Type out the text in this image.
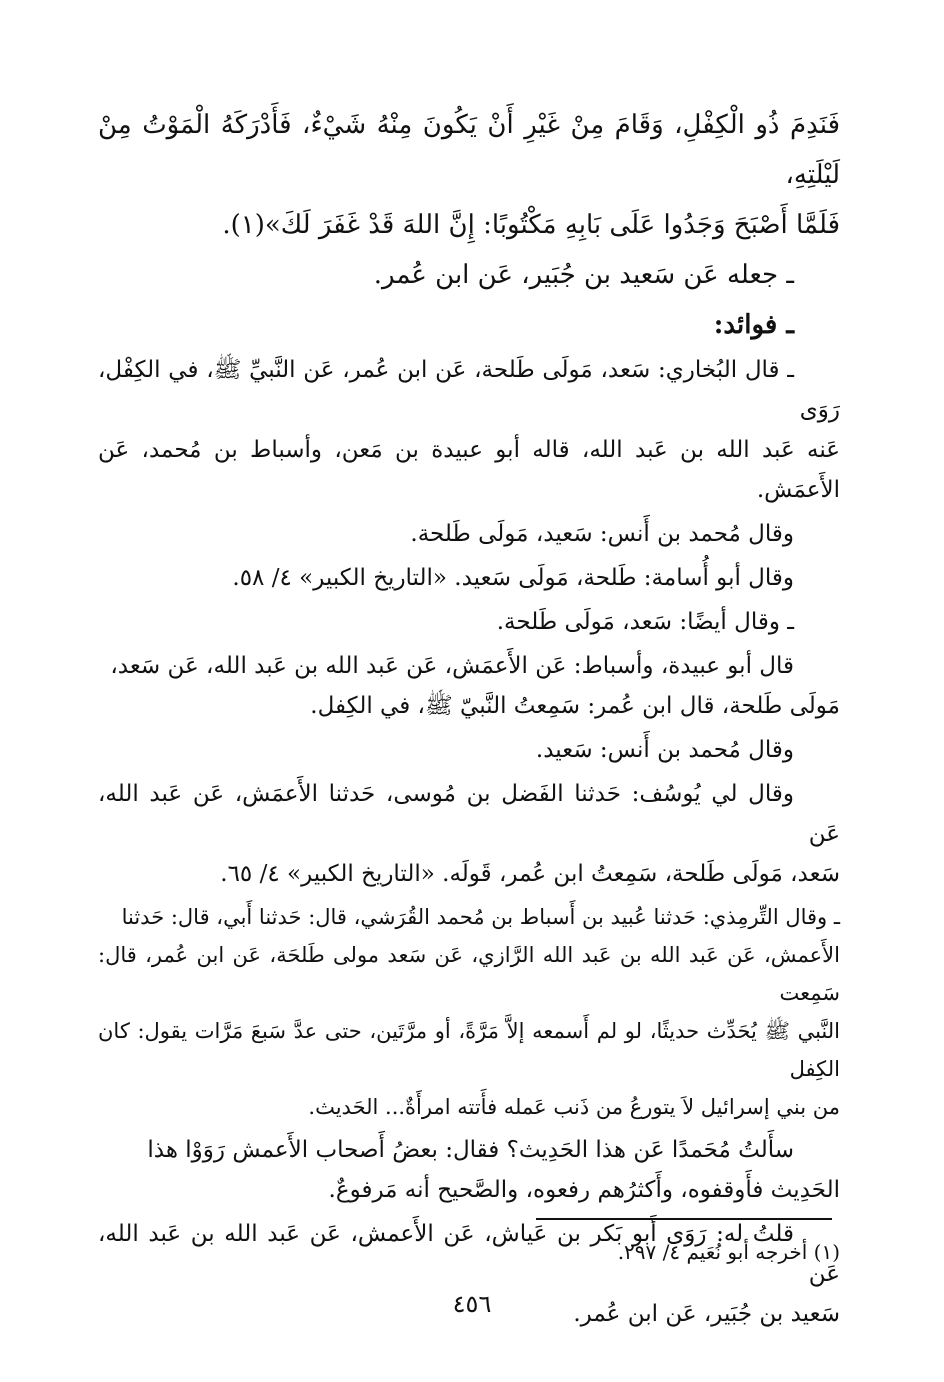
فَنَدِمَ ذُو الْكِفْلِ، وَقَامَ مِنْ غَيْرِ أَنْ يَكُونَ مِنْهُ شَيْءٌ، فَأَدْرَكَهُ الْمَوْتُ مِنْ لَيْلَتِهِ،
فَلَمَّا أَصْبَحَ وَجَدُوا عَلَى بَابِهِ مَكْتُوبًا: إِنَّ اللهَ قَدْ غَفَرَ لَكَ»(١).

ـ جعله عَن سَعيد بن جُبَير، عَن ابن عُمر.

ـ فوائد:

ـ قال البُخاري: سَعد، مَولَى طَلحة، عَن ابن عُمر، عَن النَّبيِّ ﷺ، في الكِفْل، رَوَى
عَنه عَبد الله بن عَبد الله، قاله أبو عبيدة بن مَعن، وأسباط بن مُحمد، عَن الأَعمَش.

وقال مُحمد بن أَنس: سَعيد، مَولَى طَلحة.

وقال أبو أُسامة: طَلحة، مَولَى سَعيد. «التاريخ الكبير» ٤/ ٥٨.

ـ وقال أيضًا: سَعد، مَولَى طَلحة.

قال أبو عبيدة، وأسباط: عَن الأَعمَش، عَن عَبد الله بن عَبد الله، عَن سَعد،
مَولَى طَلحة، قال ابن عُمر: سَمِعتُ النَّبيّ ﷺ، في الكِفل.

وقال مُحمد بن أَنس: سَعيد.

وقال لي يُوسُف: حَدثنا الفَضل بن مُوسى، حَدثنا الأَعمَش، عَن عَبد الله، عَن
سَعد، مَولَى طَلحة، سَمِعتُ ابن عُمر، قَولَه. «التاريخ الكبير» ٤/ ٦٥.

ـ وقال التِّرمِذي: حَدثنا عُبيد بن أَسباط بن مُحمد القُرَشي، قال: حَدثنا أَبي، قال: حَدثنا
الأَعمش، عَن عَبد الله بن عَبد الله الرَّازي، عَن سَعد مولى طَلحَة، عَن ابن عُمر، قال: سَمِعت
النَّبي ﷺ يُحَدِّث حديثًا، لو لم أَسمعه إلاَّ مَرَّةً، أو مرَّتَين، حتى عدَّ سَبعَ مَرَّات يقول: كان الكِفل
من بني إسرائيل لاَ يتورعُ من ذَنب عَمله فأَتته امرأَةٌ... الحَديث.

سأَلتُ مُحَمدًا عَن هذا الحَدِيث؟ فقال: بعضُ أَصحاب الأَعمش رَوَوْا هذا
الحَدِيث فأَوقفوه، وأَكثرُهم رفعوه، والصَّحيح أنه مَرفوعٌ.

قلتُ له: رَوَى أَبو بَكر بن عَياش، عَن الأَعمش، عَن عَبد الله بن عَبد الله، عَن
سَعيد بن جُبَير، عَن ابن عُمر.

(١) أخرجه أبو نُعَيم ٤/ ٢٩٧.
٤٥٦
